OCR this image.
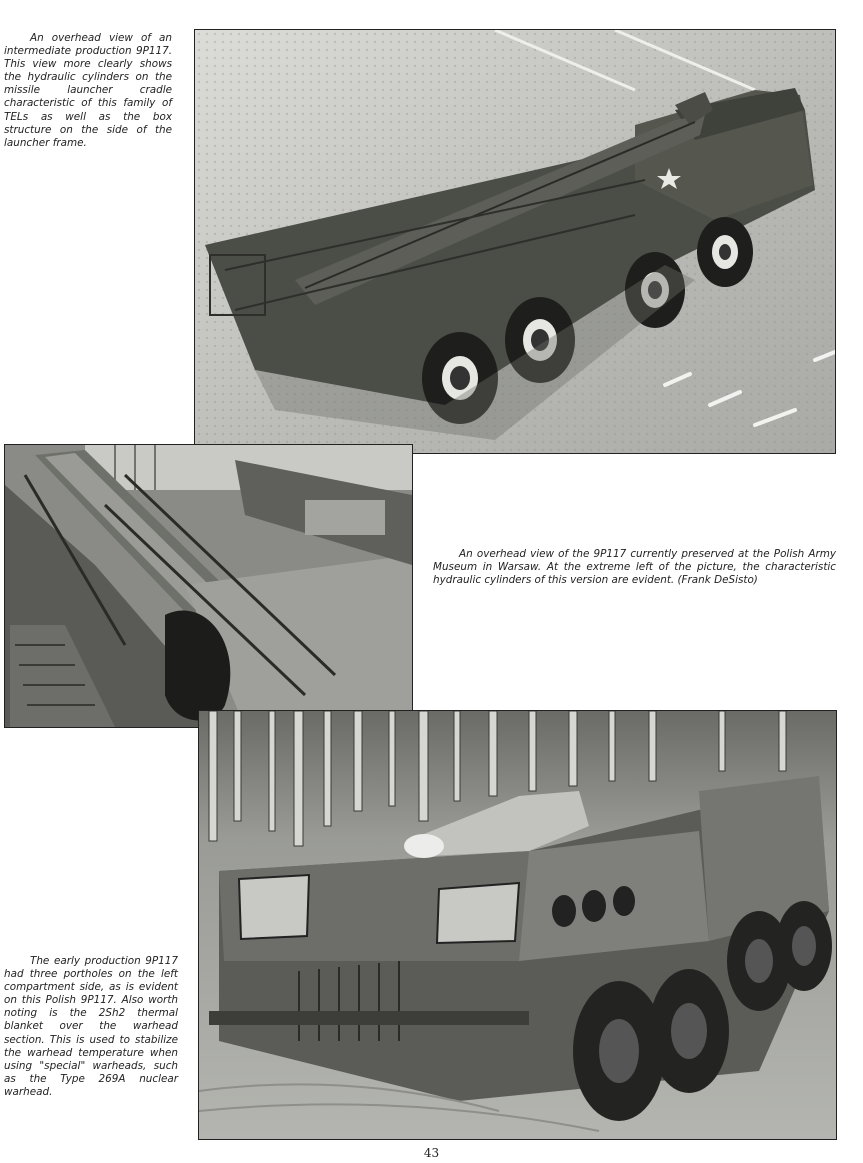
An overhead view of an intermediate production 9P117. This view more clearly shows the hydraulic cylinders on the missile launcher cradle characteristic of this family of TELs as well as the box structure on the side of the launcher frame.
An overhead view of the 9P117 currently preserved at the Polish Army Museum in Warsaw. At the extreme left of the picture, the characteristic hydraulic cylinders of this version are evident. (Frank DeSisto)
The early production 9P117 had three portholes on the left compartment side, as is evident on this Polish 9P117. Also worth noting is the 2Sh2 thermal blanket over the warhead section. This is used to stabilize the warhead temperature when using "special" warheads, such as the Type 269A nuclear warhead.
43
